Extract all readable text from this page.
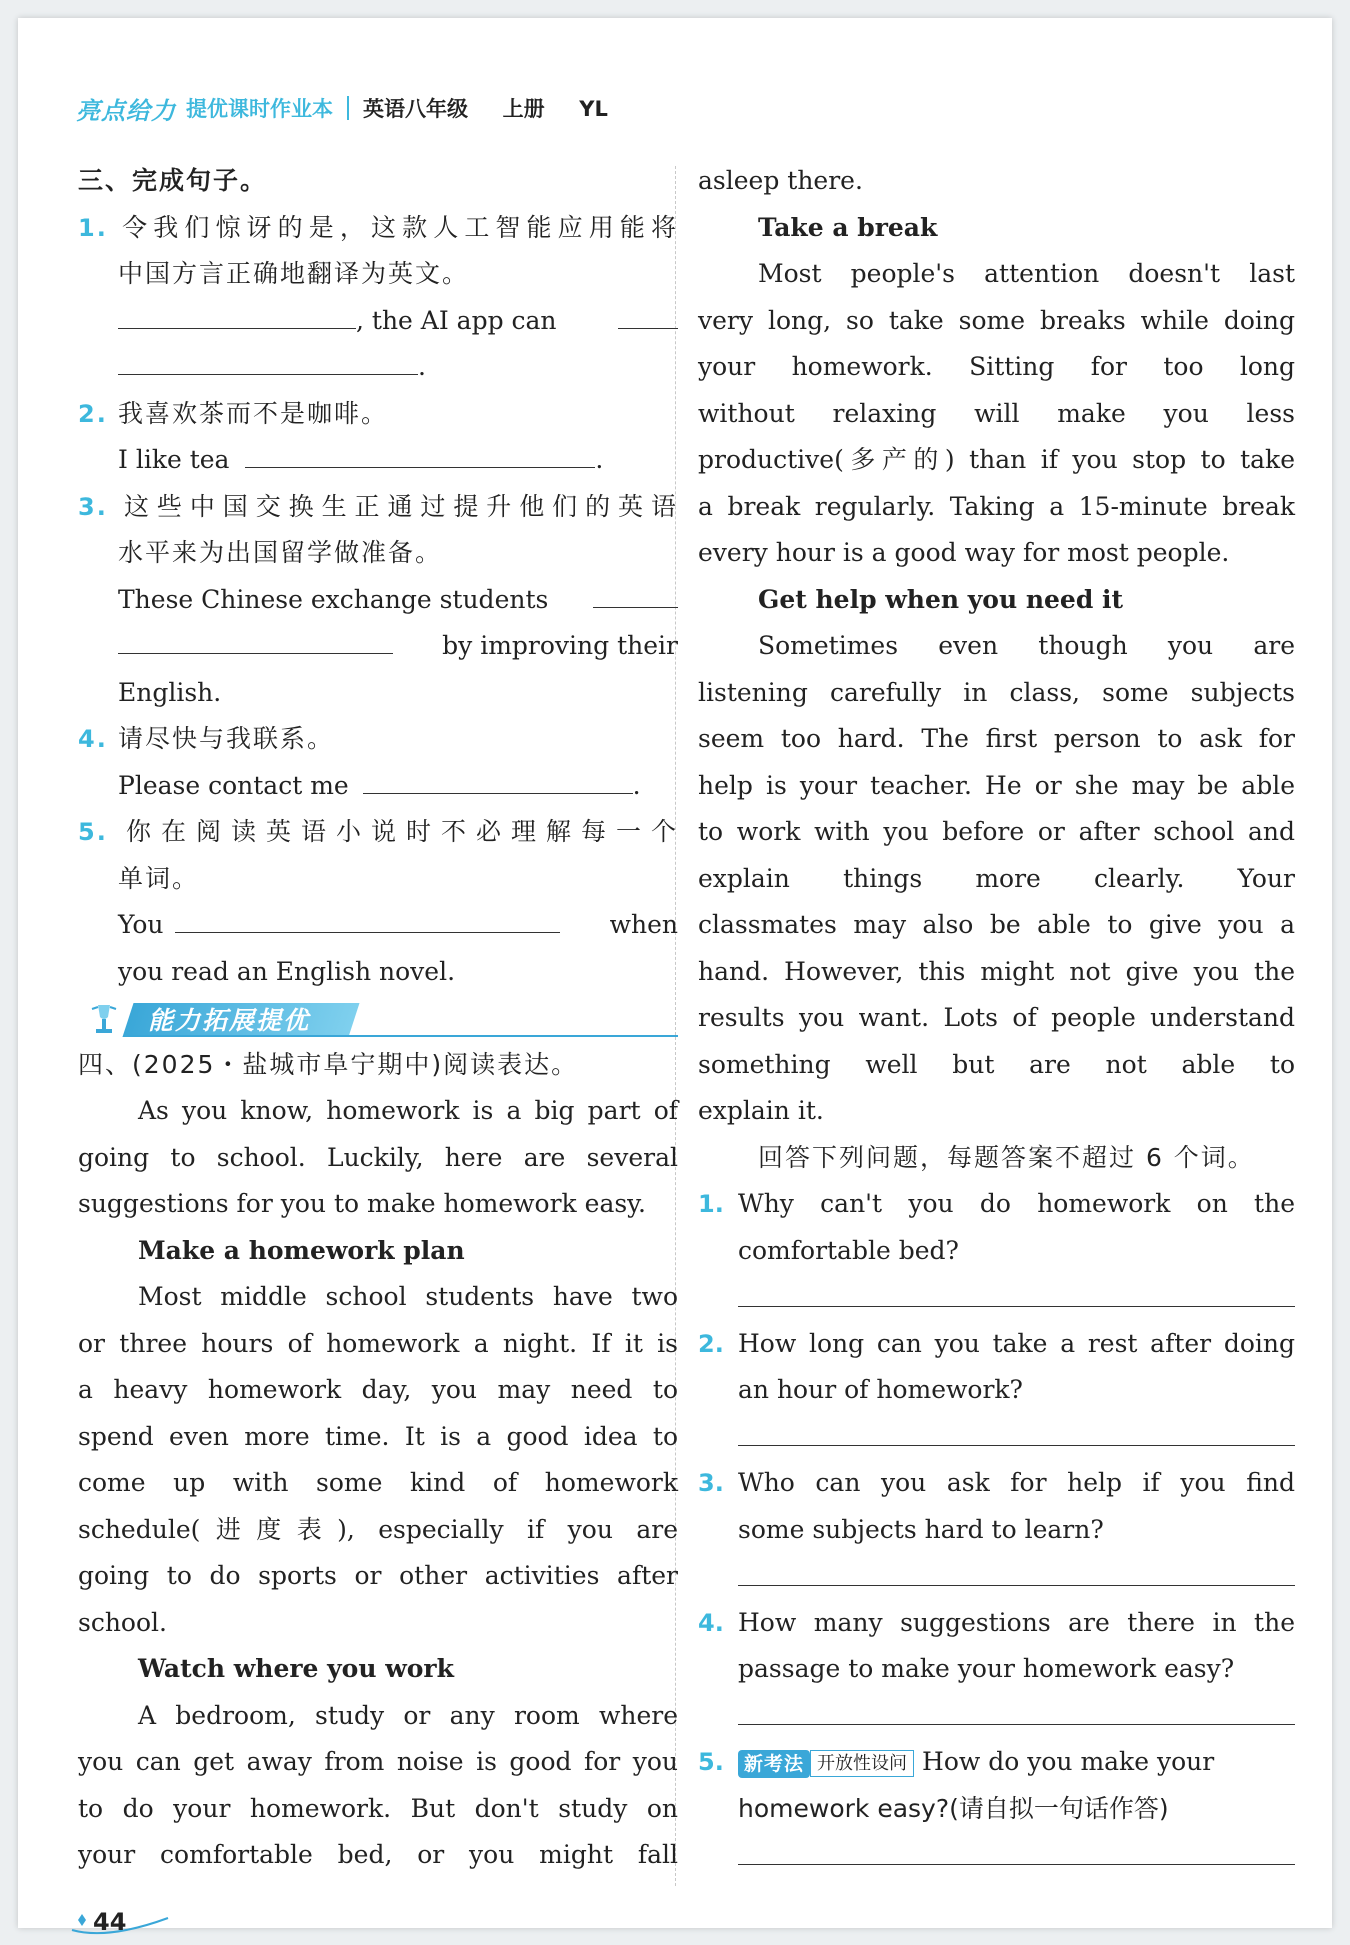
亮点给力 提优课时作业本 英语八年级 上册 YL
三、完成句子。
1. 令我们惊讶的是，这款人工智能应用能将
中国方言正确地翻译为英文。
, the AI app can
.
2. 我喜欢茶而不是咖啡。
I like tea	.
3. 这些中国交换生正通过提升他们的英语
水平来为出国留学做准备。
These Chinese exchange students
by improving their
English.
4. 请尽快与我联系。
Please contact me	.
5. 你在阅读英语小说时不必理解每一个
单词。
You	when
you read an English novel.
能力拓展提优
四、(2025・盐城市阜宁期中)阅读表达。
As you know, homework is a big part of
going to school. Luckily, here are several
suggestions for you to make homework easy.
Make a homework plan
Most middle school students have two
or three hours of homework a night. If it is
a heavy homework day, you may need to
spend even more time. It is a good idea to
come up with some kind of homework
schedule(进度表), especially if you are
going to do sports or other activities after
school.
Watch where you work
A bedroom, study or any room where
you can get away from noise is good for you
to do your homework. But don't study on
your comfortable bed, or you might fall
asleep there.
Take a break
Most people's attention doesn't last
very long, so take some breaks while doing
your homework. Sitting for too long
without relaxing will make you less
productive(多产的) than if you stop to take
a break regularly. Taking a 15-minute break
every hour is a good way for most people.
Get help when you need it
Sometimes even though you are
listening carefully in class, some subjects
seem too hard. The first person to ask for
help is your teacher. He or she may be able
to work with you before or after school and
explain things more clearly. Your
classmates may also be able to give you a
hand. However, this might not give you the
results you want. Lots of people understand
something well but are not able to
explain it.
回答下列问题，每题答案不超过 6 个词。
1. Why can't you do homework on the
comfortable bed?
2. How long can you take a rest after doing
an hour of homework?
3. Who can you ask for help if you find
some subjects hard to learn?
4. How many suggestions are there in the
passage to make your homework easy?
5. 新考法 开放性设问 How do you make your
homework easy?(请自拟一句话作答)
44
